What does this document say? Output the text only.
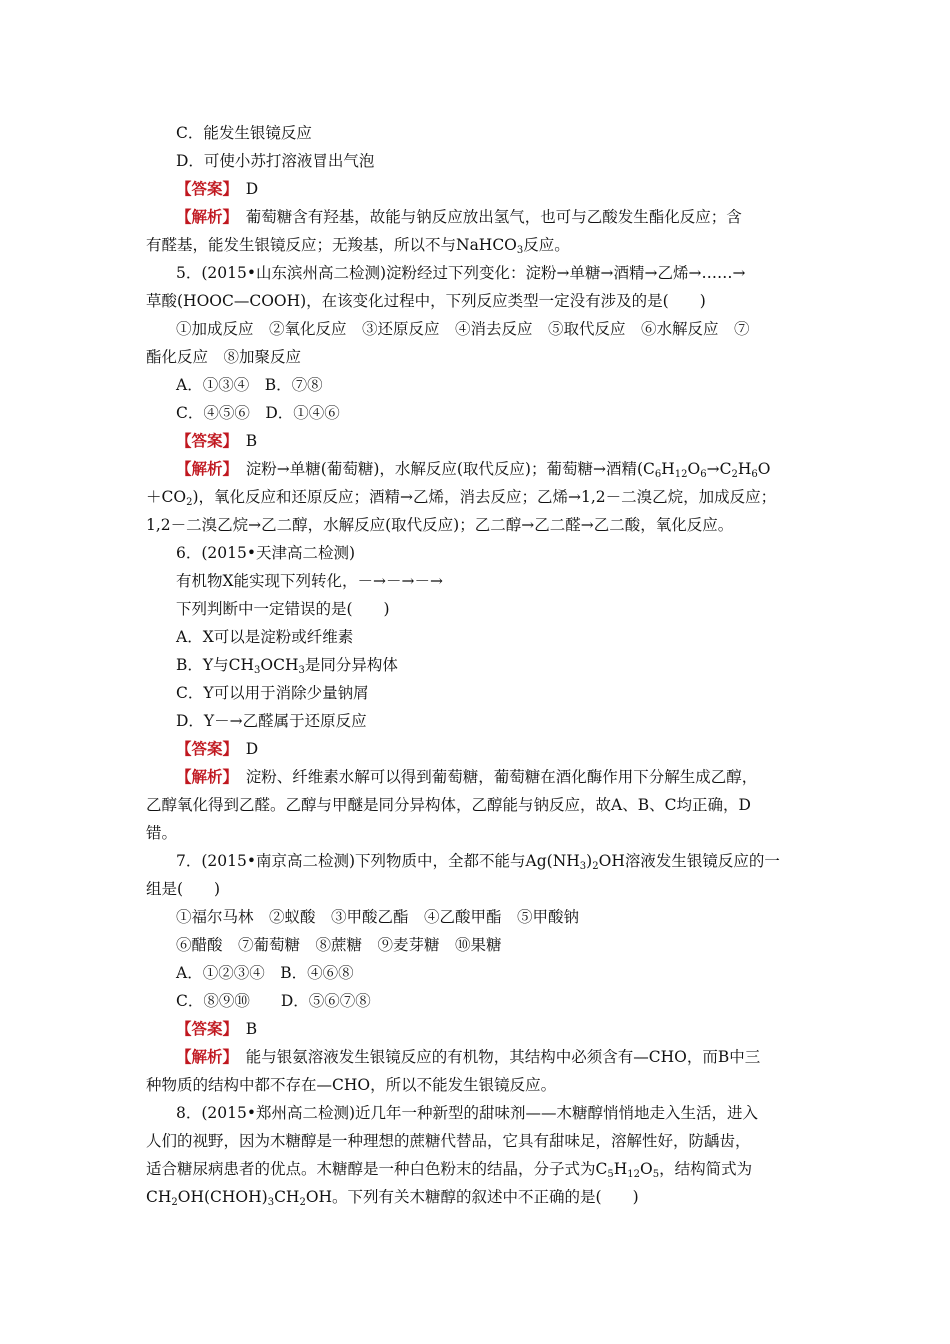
C．能发生银镜反应
D．可使小苏打溶液冒出气泡
【答案】　 D
【解析】　 葡萄糖含有羟基，故能与钠反应放出氢气，也可与乙酸发生酯化反应；含
有醛基，能发生银镜反应；无羧基，所以不与NaHCO$_3$反应。
5．(2015•山东滨州高二检测)淀粉经过下列变化：淀粉→单糖→酒精→乙烯→……→
草酸(HOOC—COOH)，在该变化过程中，下列反应类型一定没有涉及的是(　　)
①加成反应　②氧化反应　③还原反应　④消去反应　⑤取代反应　⑥水解反应　⑦
酯化反应　⑧加聚反应
A．①③④　B．⑦⑧
C．④⑤⑥　D．①④⑥
【答案】　 B
【解析】　 淀粉→单糖(葡萄糖)，水解反应(取代反应)；葡萄糖→酒精($C_6H_{12}O_6\to C_2H_6O$
$+CO_2$)，氧化反应和还原反应；酒精→乙烯，消去反应；乙烯→1,2－二溴乙烷，加成反应；
1,2－二溴乙烷→乙二醇，水解反应(取代反应)；乙二醇→乙二醛→乙二酸，氧化反应。
6．(2015•天津高二检测)
有机物X能实现下列转化，－→－→－→
下列判断中一定错误的是(　　)
A．X可以是淀粉或纤维素
B．Y与$CH_3OCH_3$是同分异构体
C．Y可以用于消除少量钠屑
D．Y－→乙醛属于还原反应
【答案】　 D
【解析】　 淀粉、纤维素水解可以得到葡萄糖，葡萄糖在酒化酶作用下分解生成乙醇，
乙醇氧化得到乙醛。乙醇与甲醚是同分异构体，乙醇能与钠反应，故A、B、C均正确，D
错。
7．(2015•南京高二检测)下列物质中，全都不能与$Ag(NH_3)_2OH$溶液发生银镜反应的一
组是(　　)
①福尔马林　②蚁酸　③甲酸乙酯　④乙酸甲酯　⑤甲酸钠
⑥醋酸　⑦葡萄糖　⑧蔗糖　⑨麦芽糖　⑩果糖
A．①②③④　B．④⑥⑧
C．⑧⑨⑩　　D．⑤⑥⑦⑧
【答案】　 B
【解析】　 能与银氨溶液发生银镜反应的有机物，其结构中必须含有—CHO，而B中三
种物质的结构中都不存在—CHO，所以不能发生银镜反应。
8．(2015•郑州高二检测)近几年一种新型的甜味剂——木糖醇悄悄地走入生活，进入
人们的视野，因为木糖醇是一种理想的蔗糖代替品，它具有甜味足，溶解性好，防龋齿，
适合糖尿病患者的优点。木糖醇是一种白色粉末的结晶，分子式为$C_5H_{12}O_5$，结构简式为
$CH_2OH(CHOH)_3CH_2OH$。下列有关木糖醇的叙述中不正确的是(　　)
